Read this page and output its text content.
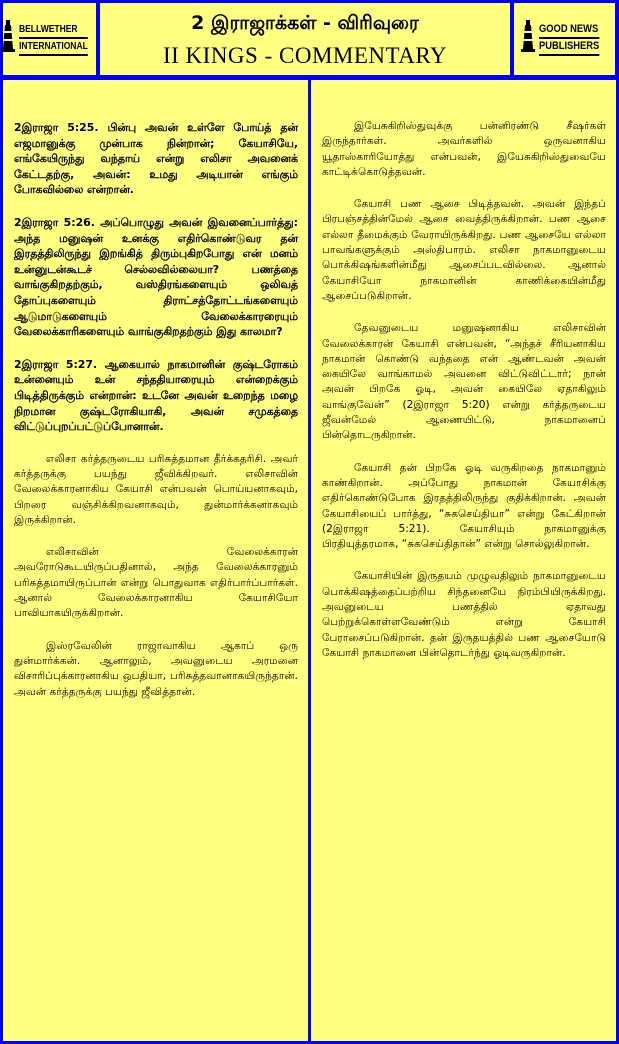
BELLWETHER
INTERNATIONAL
2 இராஜாக்கள் - விரிவுரை
II KINGS - COMMENTARY
GOOD NEWS
PUBLISHERS

2இராஜா 5:25. பின்பு அவன் உள்ளே போய்த் தன் எஜமானுக்கு முன்பாக நின்றான்; கேயாசியே, எங்கேயிருந்து வந்தாய் என்று எலிசா அவனைக் கேட்டதற்கு, அவன்: உமது அடியான் எங்கும் போகவில்லை என்றான்.

2இராஜா 5:26. அப்பொழுது அவன் இவனைப்பார்த்து: அந்த மனுஷன் உனக்கு எதிர்கொண்டுவர தன் இரதத்திலிருந்து இறங்கித் திரும்புகிறபோது என் மனம் உன்னுடன்கூடச் செல்லவில்லையா? பணத்தை வாங்குகிறதற்கும், வஸ்திரங்களையும் ஒலிவத் தோப்புகளையும் திராட்சத்தோட்டங்களையும் ஆடுமாடுகளையும் வேலைக்காரரையும் வேலைக்காரிகளையும் வாங்குகிறதற்கும் இது காலமா?

2இராஜா 5:27. ஆகையால் நாகமானின் குஷ்டரோகம் உன்னையும் உன் சந்ததியாரையும் என்றைக்கும் பிடித்திருக்கும் என்றான்: உடனே அவன் உறைந்த மழை நிறமான குஷ்டரோகியாகி, அவன் சமுகத்தை விட்டுப்புறப்பட்டுப்போனான்.

எலிசா கர்த்தருடைய பரிசுத்தமான தீர்க்கதரிசி. அவர் கர்த்தருக்கு பயந்து ஜீவிக்கிறவர். எலிசாவின் வேலைக்காரனாகிய கேயாசி என்பவன் பொய்யனாகவும், பிறரை வஞ்சிக்கிறவனாகவும், துன்மார்க்கனாகவும் இருக்கிறான்.

எலிசாவின் வேலைக்காரன் அவரோடுகூடயிருப்பதினால், அந்த வேலைக்காரனும் பரிசுத்தமாயிருப்பான் என்று பொதுவாக எதிர்பார்ப்பார்கள். ஆனால் வேலைக்காரனாகிய கேயாசியோ பாவியாகயிருக்கிறான்.

இஸ்ரவேலின் ராஜாவாகிய ஆகாப் ஒரு துன்மார்க்கன். ஆனாலும், அவனுடைய அரமனை விசாரிப்புக்காரனாகிய ஒபதியா, பரிசுத்தவானாகயிருந்தான். அவன் கர்த்தருக்கு பயந்து ஜீவித்தான்.

இயேசுகிறிஸ்துவுக்கு பன்னிரண்டு சீஷர்கள் இருந்தார்கள். அவர்களில் ஒருவனாகிய யூதாஸ்காரியோத்து என்பவன், இயேசுகிறிஸ்துவையே காட்டிக்கொடுத்தவன்.

கேயாசி பண ஆசை பிடித்தவன். அவன் இந்தப் பிரபஞ்சத்தின்மேல் ஆசை வைத்திருக்கிறான். பண ஆசை எல்லா தீமைக்கும் வேராயிருக்கிறது. பண ஆசையே எல்லா பாவங்களுக்கும் அஸ்திபாரம். எலிசா நாகமானுடைய பொக்கிஷங்களின்மீது ஆசைப்படவில்லை. ஆனால் கேயாசியோ நாகமானின் காணிக்கையின்மீது ஆசைப்படுகிறான்.

தேவனுடைய மனுஷனாகிய எலிசாவின் வேலைக்காரன் கேயாசி என்பவன், “அந்தச் சீரியனாகிய நாகமான் கொண்டு வந்ததை என் ஆண்டவன் அவன் கையிலே வாங்காமல் அவனை விட்டுவிட்டார்; நான் அவன் பிறகே ஓடி, அவன் கையிலே ஏதாகிலும் வாங்குவேன்” (2இராஜா 5:20) என்று கர்த்தருடைய ஜீவன்மேல் ஆணையிட்டு, நாகமானைப் பின்தொடருகிறான்.

கேயாசி தன் பிறகே ஓடி வருகிறதை நாகமானும் காண்கிறான். அப்போது நாகமான் கேயாசிக்கு எதிர்கொண்டுபோக இரதத்திலிருந்து குதிக்கிறான். அவன் கேயாசியைப் பார்த்து, “சுகசெய்தியா” என்று கேட்கிறான் (2இராஜா 5:21). கேயாசியும் நாகமானுக்கு பிரதியுத்தரமாக, “சுகசெய்திதான்” என்று சொல்லுகிறான்.

கேயாசியின் இருதயம் முழுவதிலும் நாகமானுடைய பொக்கிஷத்தைப்பற்றிய சிந்தனையே நிரம்பியிருக்கிறது. அவனுடைய பணத்தில் ஏதாவது பெற்றுக்கொள்ளவேண்டும் என்று கேயாசி பேராசைப்படுகிறான். தன் இருதயத்தில் பண ஆசையோடு கேயாசி நாகமானை பின்தொடர்ந்து ஓடிவருகிறான்.
